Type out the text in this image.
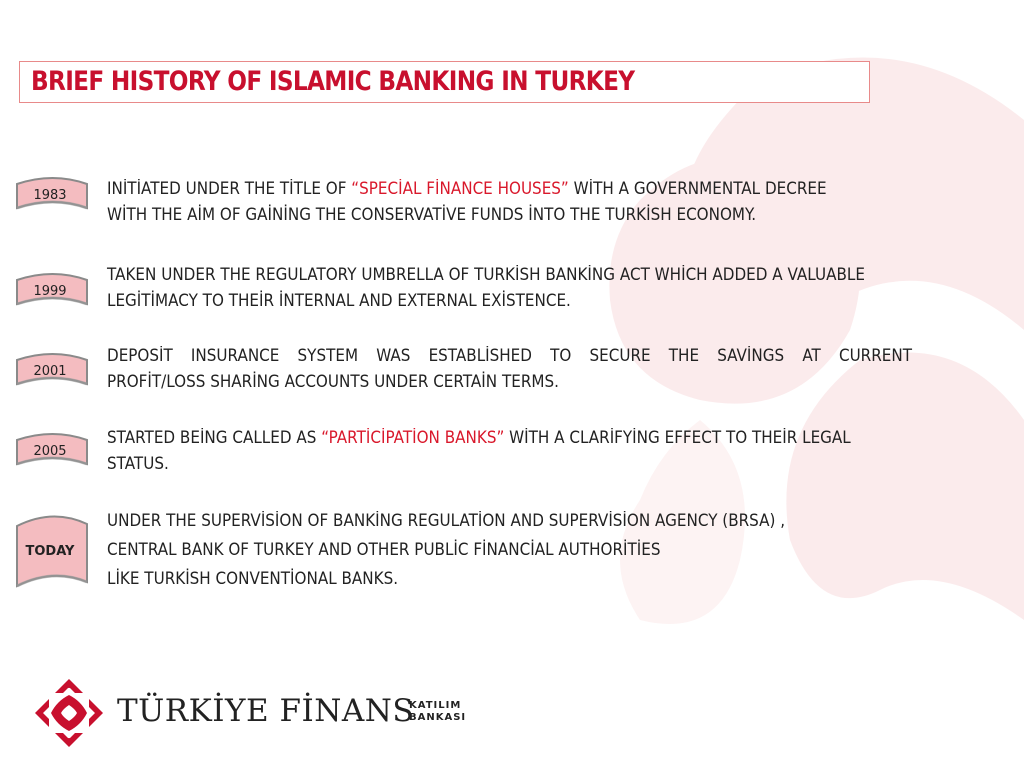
BRIEF HISTORY OF ISLAMIC BANKING IN TURKEY
1983	INİTİATED UNDER THE TİTLE OF “SPECİAL FİNANCE HOUSES” WİTH A GOVERNMENTAL DECREE

WİTH THE AİM OF GAİNİNG THE CONSERVATİVE FUNDS İNTO THE TURKİSH ECONOMY.

1999

TAKEN UNDER THE REGULATORY UMBRELLA OF TURKİSH BANKİNG ACT WHİCH ADDED A VALUABLE

LEGİTİMACY TO THEİR İNTERNAL AND EXTERNAL EXİSTENCE.

2001

DEPOSİT INSURANCE SYSTEM WAS ESTABLİSHED TO SECURE THE SAVİNGS AT CURRENT

PROFİT/LOSS SHARİNG ACCOUNTS UNDER CERTAİN TERMS.

2005

STARTED BEİNG CALLED AS “PARTİCİPATİON BANKS” WİTH A CLARİFYİNG EFFECT TO THEİR LEGAL

STATUS.

TODAY

UNDER THE SUPERVİSİON OF BANKİNG REGULATİON AND SUPERVİSİON AGENCY (BRSA) ,

CENTRAL BANK OF TURKEY AND OTHER PUBLİC FİNANCİAL AUTHORİTİES

LİKE TURKİSH CONVENTİONAL BANKS.

TÜRKİYE FİNANS
KATILIM
BANKASI
